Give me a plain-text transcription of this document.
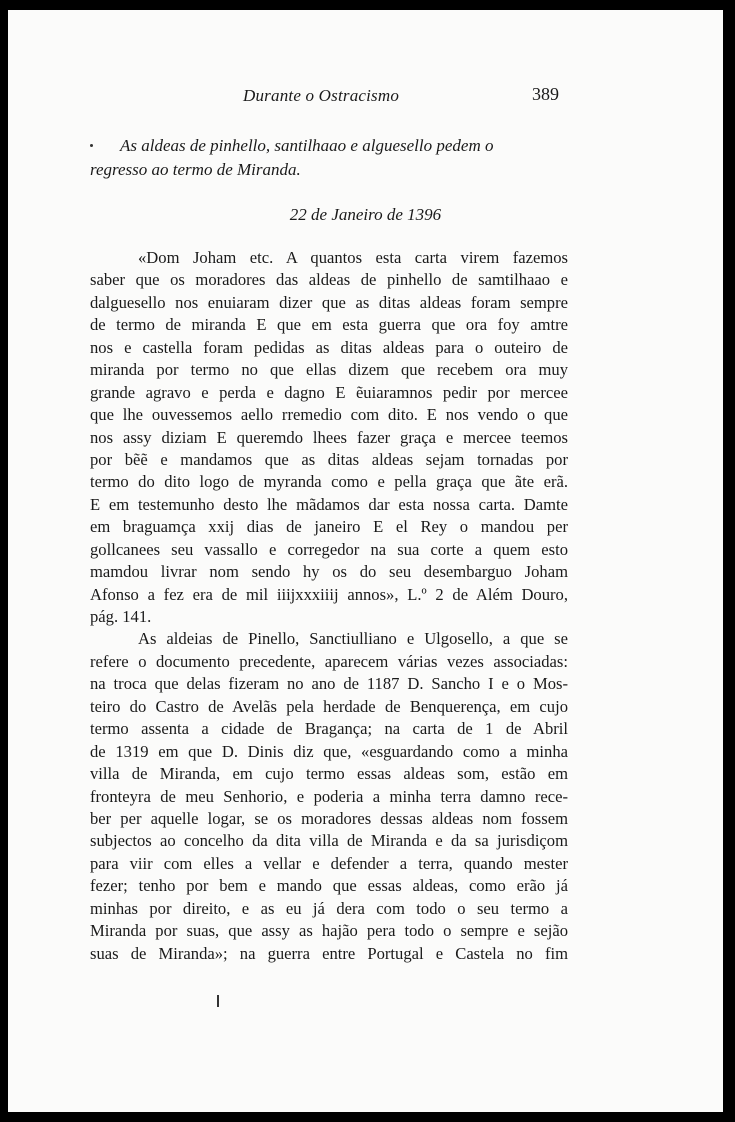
Durante o Ostracismo	389
As aldeas de pinhello, santilhaao e alguesello pedem o
regresso ao termo de Miranda.
22 de Janeiro de 1396
«Dom Joham etc. A quantos esta carta virem fazemos
saber que os moradores das aldeas de pinhello de samtilhaao e
dalguesello nos enuiaram dizer que as ditas aldeas foram sempre
de termo de miranda E que em esta guerra que ora foy amtre
nos e castella foram pedidas as ditas aldeas para o outeiro de
miranda por termo no que ellas dizem que recebem ora muy
grande agravo e perda e dagno E ẽuiaramnos pedir por mercee
que lhe ouvessemos aello rremedio com dito. E nos vendo o que
nos assy diziam E queremdo lhees fazer graça e mercee teemos
por bẽẽ e mandamos que as ditas aldeas sejam tornadas por
termo do dito logo de myranda como e pella graça que ãte erã.
E em testemunho desto lhe mãdamos dar esta nossa carta. Damte
em braguamça xxij dias de janeiro E el Rey o mandou per
gollcanees seu vassallo e corregedor na sua corte a quem esto
mamdou livrar nom sendo hy os do seu desembarguo Joham
Afonso a fez era de mil iiijxxxiiij annos», L.º 2 de Além Douro,
pág. 141.
As aldeias de Pinello, Sanctiulliano e Ulgosello, a que se
refere o documento precedente, aparecem várias vezes associadas:
na troca que delas fizeram no ano de 1187 D. Sancho I e o Mos-
teiro do Castro de Avelãs pela herdade de Benquerença, em cujo
termo assenta a cidade de Bragança; na carta de 1 de Abril
de 1319 em que D. Dinis diz que, «esguardando como a minha
villa de Miranda, em cujo termo essas aldeas som, estão em
fronteyra de meu Senhorio, e poderia a minha terra damno rece-
ber per aquelle logar, se os moradores dessas aldeas nom fossem
subjectos ao concelho da dita villa de Miranda e da sa jurisdiçom
para viir com elles a vellar e defender a terra, quando mester
fezer; tenho por bem e mando que essas aldeas, como erão já
minhas por direito, e as eu já dera com todo o seu termo a
Miranda por suas, que assy as hajão pera todo o sempre e sejão
suas de Miranda»; na guerra entre Portugal e Castela no fim
